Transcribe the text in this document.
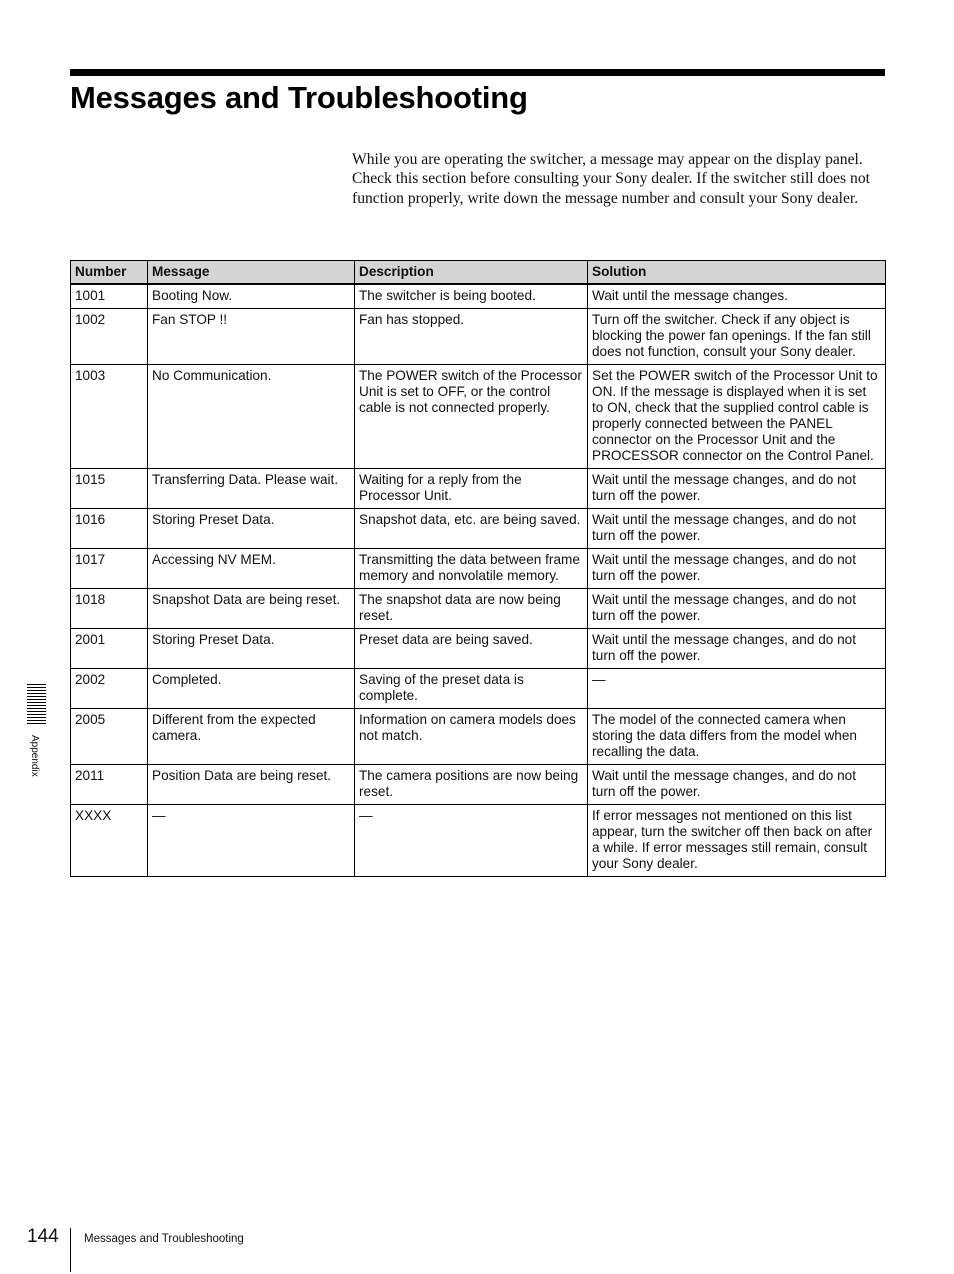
Messages and Troubleshooting

While you are operating the switcher, a message may appear on the display panel.

Check this section before consulting your Sony dealer. If the switcher still does not function properly, write down the message number and consult your Sony dealer.

Number	Message	Description	Solution
1001	Booting Now.	The switcher is being booted.	Wait until the message changes.
1002	Fan STOP !!	Fan has stopped.	Turn off the switcher. Check if any object is blocking the power fan openings. If the fan still does not function, consult your Sony dealer.
1003	No Communication.	The POWER switch of the Processor Unit is set to OFF, or the control cable is not connected properly.	Set the POWER switch of the Processor Unit to ON. If the message is displayed when it is set to ON, check that the supplied control cable is properly connected between the PANEL connector on the Processor Unit and the PROCESSOR connector on the Control Panel.
1015	Transferring Data. Please wait.	Waiting for a reply from the Processor Unit.	Wait until the message changes, and do not turn off the power.
1016	Storing Preset Data.	Snapshot data, etc. are being saved.	Wait until the message changes, and do not turn off the power.
1017	Accessing NV MEM.	Transmitting the data between frame memory and nonvolatile memory.	Wait until the message changes, and do not turn off the power.
1018	Snapshot Data are being reset.	The snapshot data are now being reset.	Wait until the message changes, and do not turn off the power.
2001	Storing Preset Data.	Preset data are being saved.	Wait until the message changes, and do not turn off the power.
2002	Completed.	Saving of the preset data is complete.	—
2005	Different from the expected camera.	Information on camera models does not match.	The model of the connected camera when storing the data differs from the model when recalling the data.
2011	Position Data are being reset.	The camera positions are now being reset.	Wait until the message changes, and do not turn off the power.
XXXX	—	—	If error messages not mentioned on this list appear, turn the switcher off then back on after a while. If error messages still remain, consult your Sony dealer.
Appendix
144 Messages and Troubleshooting
